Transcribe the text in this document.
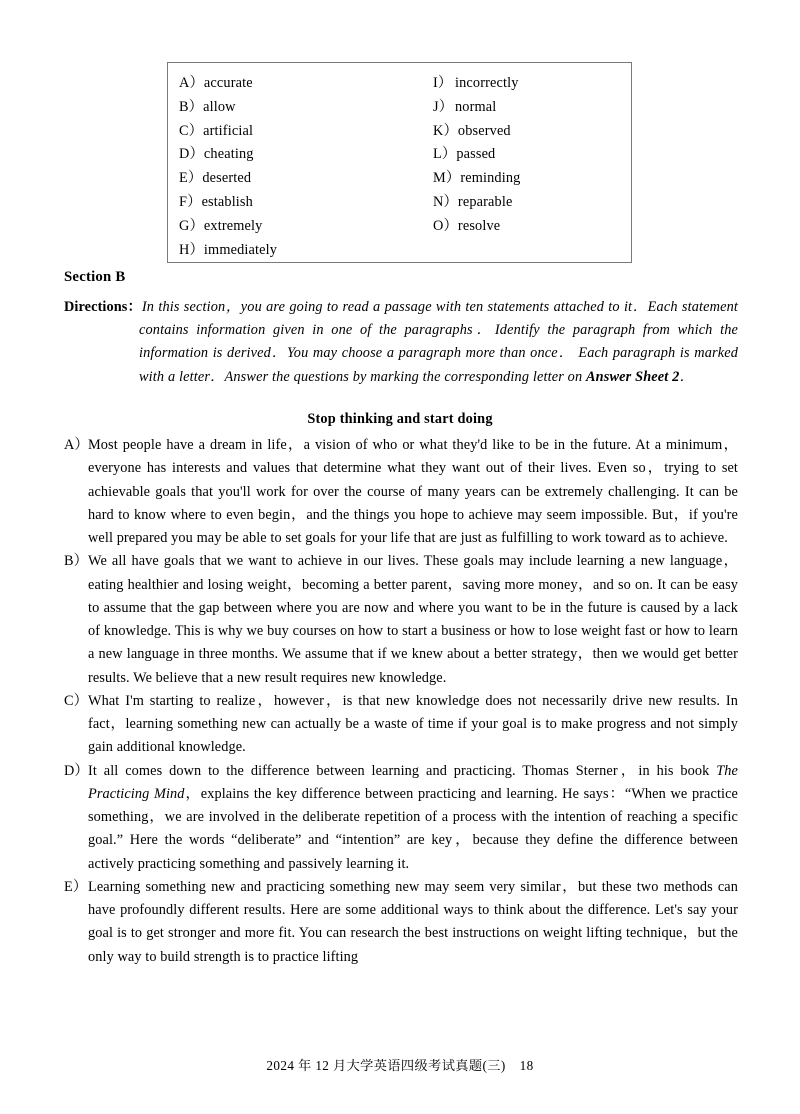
A）accurate
B）allow
C）artificial
D）cheating
E）deserted
F）establish
G）extremely
H）immediately
I） incorrectly
J） normal
K）observed
L）passed
M）reminding
N）reparable
O）resolve
Section B
Directions： In this section，you are going to read a passage with ten statements attached to it．Each statement contains information given in one of the paragraphs．Identify the paragraph from which the information is derived．You may choose a paragraph more than once． Each paragraph is marked with a letter．Answer the questions by marking the corresponding letter on Answer Sheet 2．
Stop thinking and start doing
A） Most people have a dream in life，a vision of who or what they'd like to be in the future. At a minimum，everyone has interests and values that determine what they want out of their lives. Even so，trying to set achievable goals that you'll work for over the course of many years can be extremely challenging. It can be hard to know where to even begin，and the things you hope to achieve may seem impossible. But，if you're well prepared you may be able to set goals for your life that are just as fulfilling to work toward as to achieve.
B） We all have goals that we want to achieve in our lives. These goals may include learning a new language，eating healthier and losing weight，becoming a better parent，saving more money，and so on. It can be easy to assume that the gap between where you are now and where you want to be in the future is caused by a lack of knowledge. This is why we buy courses on how to start a business or how to lose weight fast or how to learn a new language in three months. We assume that if we knew about a better strategy，then we would get better results. We believe that a new result requires new knowledge.
C） What I'm starting to realize，however，is that new knowledge does not necessarily drive new results. In fact，learning something new can actually be a waste of time if your goal is to make progress and not simply gain additional knowledge.
D） It all comes down to the difference between learning and practicing. Thomas Sterner，in his book The Practicing Mind，explains the key difference between practicing and learning. He says：“When we practice something，we are involved in the deliberate repetition of a process with the intention of reaching a specific goal.” Here the words “deliberate” and “intention” are key，because they define the difference between actively practicing something and passively learning it.
E） Learning something new and practicing something new may seem very similar，but these two methods can have profoundly different results. Here are some additional ways to think about the difference. Let's say your goal is to get stronger and more fit. You can research the best instructions on weight lifting technique，but the only way to build strength is to practice lifting
2024 年 12 月大学英语四级考试真题(三) 18
